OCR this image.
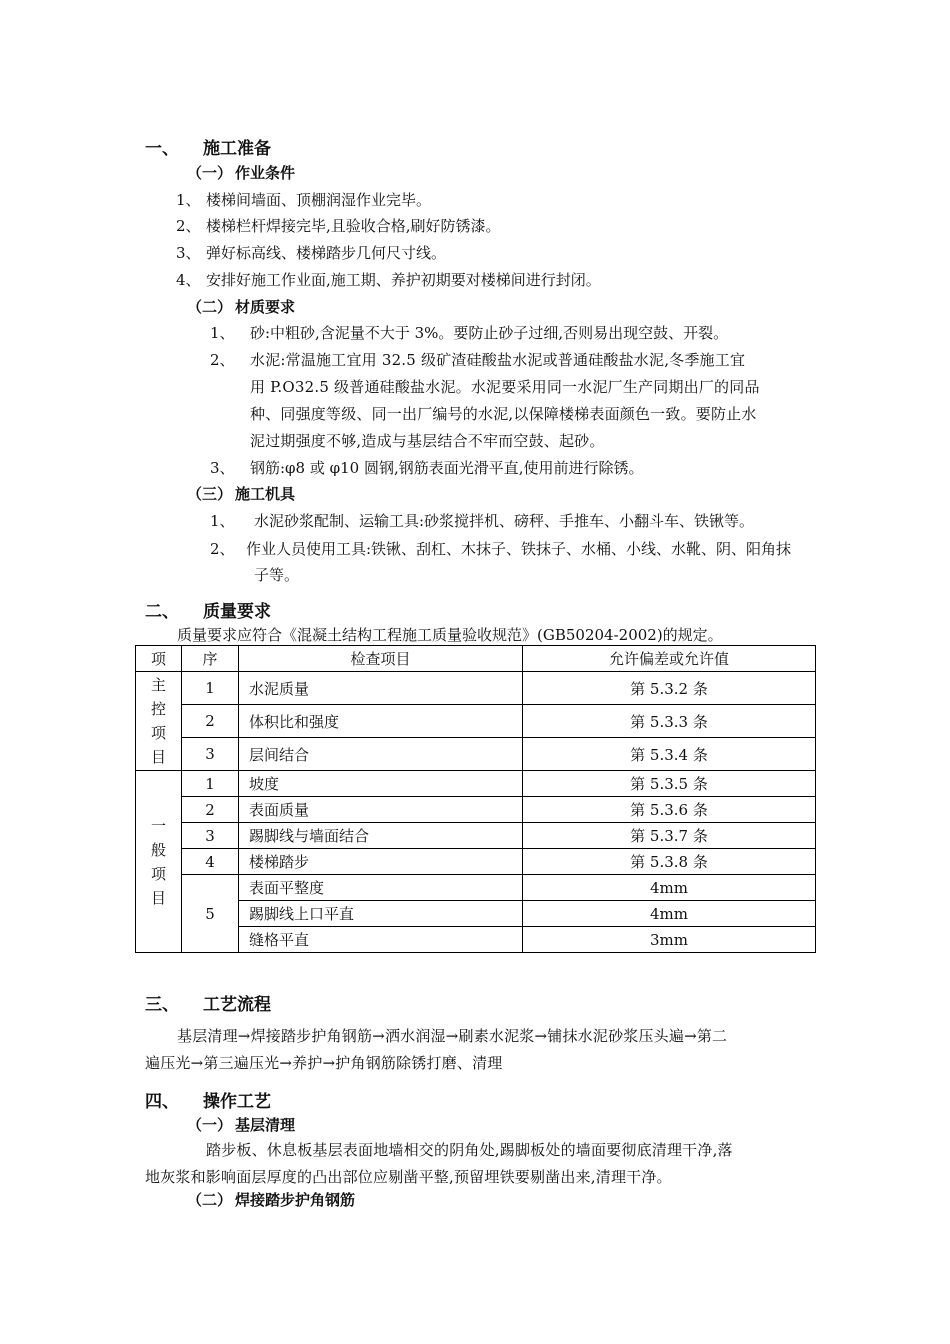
一、 施工准备
（一） 作业条件
1、 楼梯间墙面、顶棚润湿作业完毕。
2、 楼梯栏杆焊接完毕,且验收合格,刷好防锈漆。
3、 弹好标高线、楼梯踏步几何尺寸线。
4、 安排好施工作业面,施工期、养护初期要对楼梯间进行封闭。
（二） 材质要求
1、 砂:中粗砂,含泥量不大于 3%。要防止砂子过细,否则易出现空鼓、开裂。
2、 水泥:常温施工宜用 32.5 级矿渣硅酸盐水泥或普通硅酸盐水泥,冬季施工宜
用 P.O32.5 级普通硅酸盐水泥。水泥要采用同一水泥厂生产同期出厂的同品
种、同强度等级、同一出厂编号的水泥,以保障楼梯表面颜色一致。要防止水
泥过期强度不够,造成与基层结合不牢而空鼓、起砂。
3、 钢筋:φ8 或 φ10 圆钢,钢筋表面光滑平直,使用前进行除锈。
（三） 施工机具
1、 水泥砂浆配制、运输工具:砂浆搅拌机、磅秤、手推车、小翻斗车、铁锹等。
2、 作业人员使用工具:铁锹、刮杠、木抹子、铁抹子、水桶、小线、水靴、阴、阳角抹
子等。
二、 质量要求
质量要求应符合《混凝土结构工程施工质量验收规范》(GB50204-2002)的规定。
项	序	检查项目	允许偏差或允许值

主
控
项
目	1	水泥质量	第 5.3.2 条
	2	体积比和强度	第 5.3.3 条
	3	层间结合	第 5.3.4 条

一
般
项
目	1	坡度	第 5.3.5 条
	2	表面质量	第 5.3.6 条
	3	踢脚线与墙面结合	第 5.3.7 条
	4	楼梯踏步	第 5.3.8 条
	5	表面平整度	4mm
		踢脚线上口平直	4mm
		缝格平直	3mm
三、 工艺流程
基层清理→焊接踏步护角钢筋→洒水润湿→刷素水泥浆→铺抹水泥砂浆压头遍→第二
遍压光→第三遍压光→养护→护角钢筋除锈打磨、清理
四、 操作工艺
（一） 基层清理
踏步板、休息板基层表面地墙相交的阴角处,踢脚板处的墙面要彻底清理干净,落
地灰浆和影响面层厚度的凸出部位应剔凿平整,预留埋铁要剔凿出来,清理干净。
（二） 焊接踏步护角钢筋
